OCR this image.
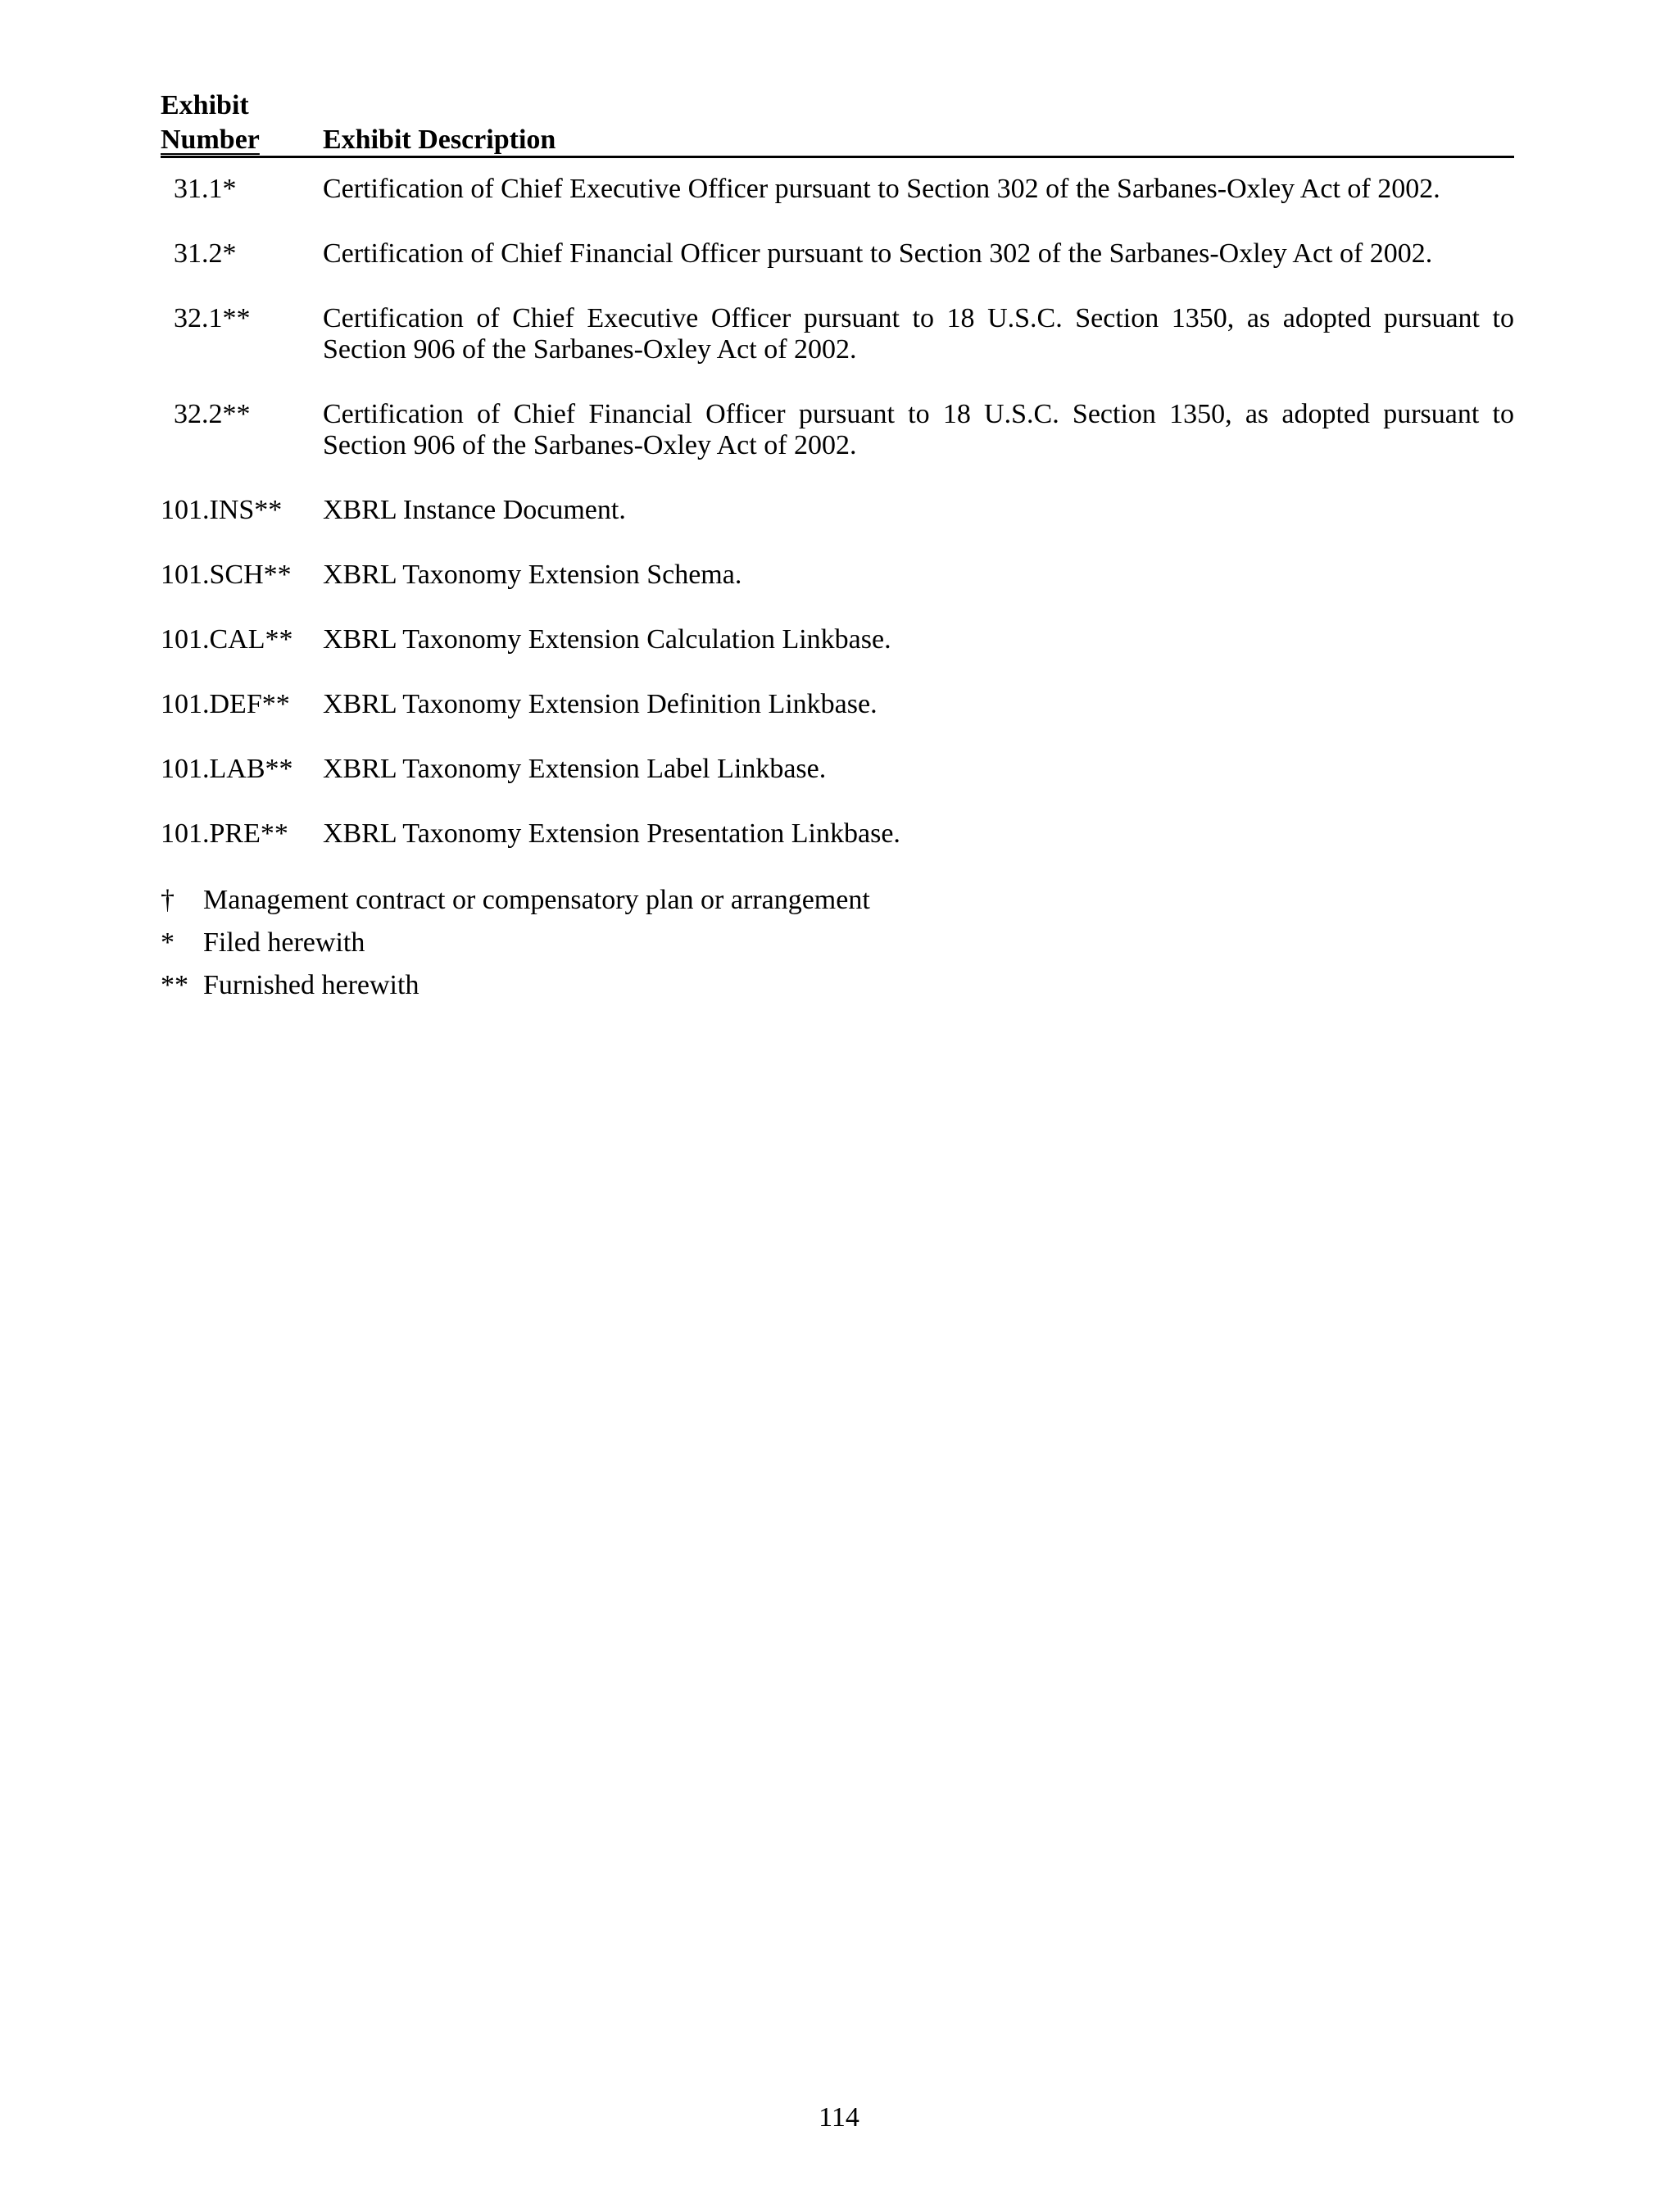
Exhibit
Number Exhibit Description
31.1*	Certification of Chief Executive Officer pursuant to Section 302 of the Sarbanes-Oxley Act of 2002.
31.2*	Certification of Chief Financial Officer pursuant to Section 302 of the Sarbanes-Oxley Act of 2002.
32.1**	Certification of Chief Executive Officer pursuant to 18 U.S.C. Section 1350, as adopted pursuant to Section 906 of the Sarbanes-Oxley Act of 2002.
32.2**	Certification of Chief Financial Officer pursuant to 18 U.S.C. Section 1350, as adopted pursuant to Section 906 of the Sarbanes-Oxley Act of 2002.
101.INS** XBRL Instance Document.
101.SCH** XBRL Taxonomy Extension Schema.
101.CAL** XBRL Taxonomy Extension Calculation Linkbase.
101.DEF** XBRL Taxonomy Extension Definition Linkbase.
101.LAB** XBRL Taxonomy Extension Label Linkbase.
101.PRE** XBRL Taxonomy Extension Presentation Linkbase.
† Management contract or compensatory plan or arrangement
* Filed herewith
** Furnished herewith
114
